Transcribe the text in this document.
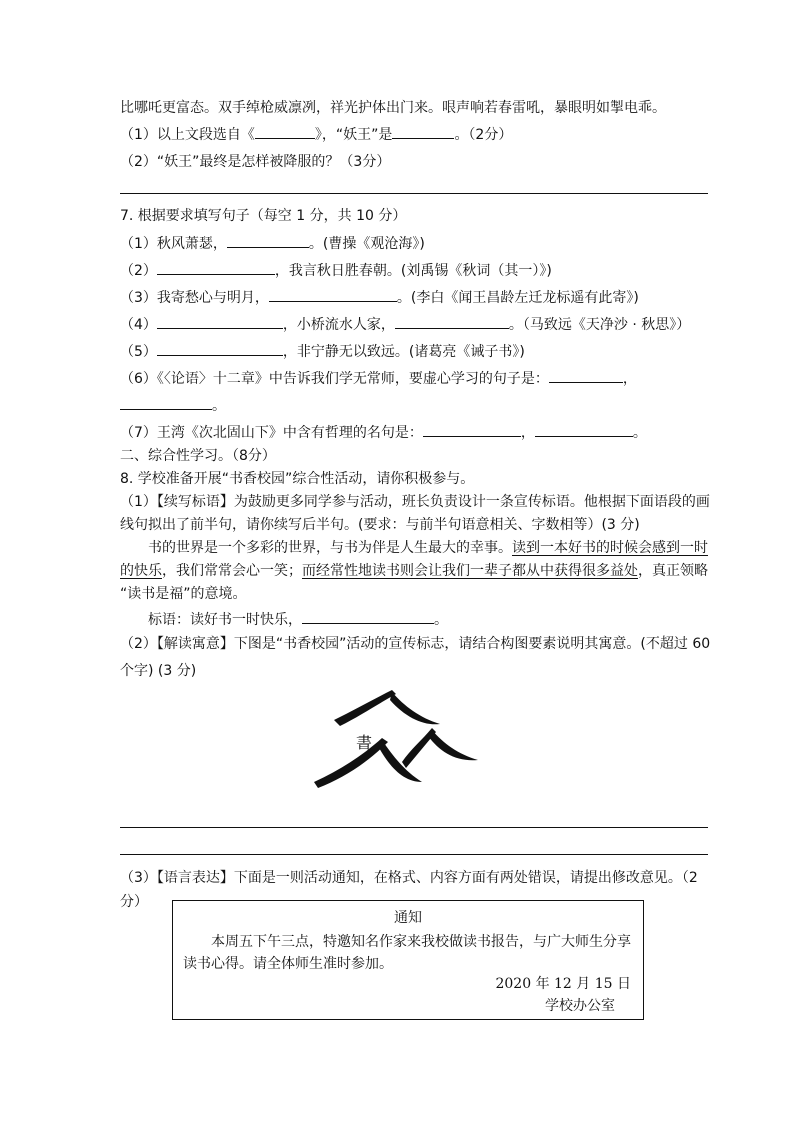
比哪吒更富态。双手绰枪威凛冽，祥光护体出门来。哏声响若春雷吼，暴眼明如掣电乖。
（1）以上文段选自《	》，“妖王”是	。（2分）
（2）“妖王”最终是怎样被降服的？（3分）
7. 根据要求填写句子（每空 1 分，共 10 分）
（1）秋风萧瑟，	。(曹操《观沧海》)
（2）	，我言秋日胜春朝。(刘禹锡《秋词（其一）》)
（3）我寄愁心与明月，	。(李白《闻王昌龄左迁龙标遥有此寄》)
（4）	，小桥流水人家，	。（马致远《天净沙 · 秋思》）
（5）	，非宁静无以致远。(诸葛亮《诫子书》)
（6）《〈论语〉十二章》中告诉我们学无常师，要虚心学习的句子是：	，
。
（7）王湾《次北固山下》中含有哲理的名句是：	，	。
二、综合性学习。（8分）
8. 学校准备开展“书香校园”综合性活动，请你积极参与。
（1）【续写标语】为鼓励更多同学参与活动，班长负责设计一条宣传标语。他根据下面语段的画
线句拟出了前半句，请你续写后半句。(要求：与前半句语意相关、字数相等）(3 分)
书的世界是一个多彩的世界，与书为伴是人生最大的幸事。读到一本好书的时候会感到一时
的快乐，我们常常会心一笑；而经常性地读书则会让我们一辈子都从中获得很多益处，真正领略
“读书是福”的意境。
标语：读好书一时快乐，	。
（2）【解读寓意】下图是“书香校园”活动的宣传标志，请结合构图要素说明其寓意。(不超过 60
个字) (3 分)
書
（3）【语言表达】下面是一则活动通知，在格式、内容方面有两处错误，请提出修改意见。（2
分）
通知
本周五下午三点，特邀知名作家来我校做读书报告，与广大师生分享读书心得。请全体师生准时参加。
2020 年 12 月 15 日
学校办公室
